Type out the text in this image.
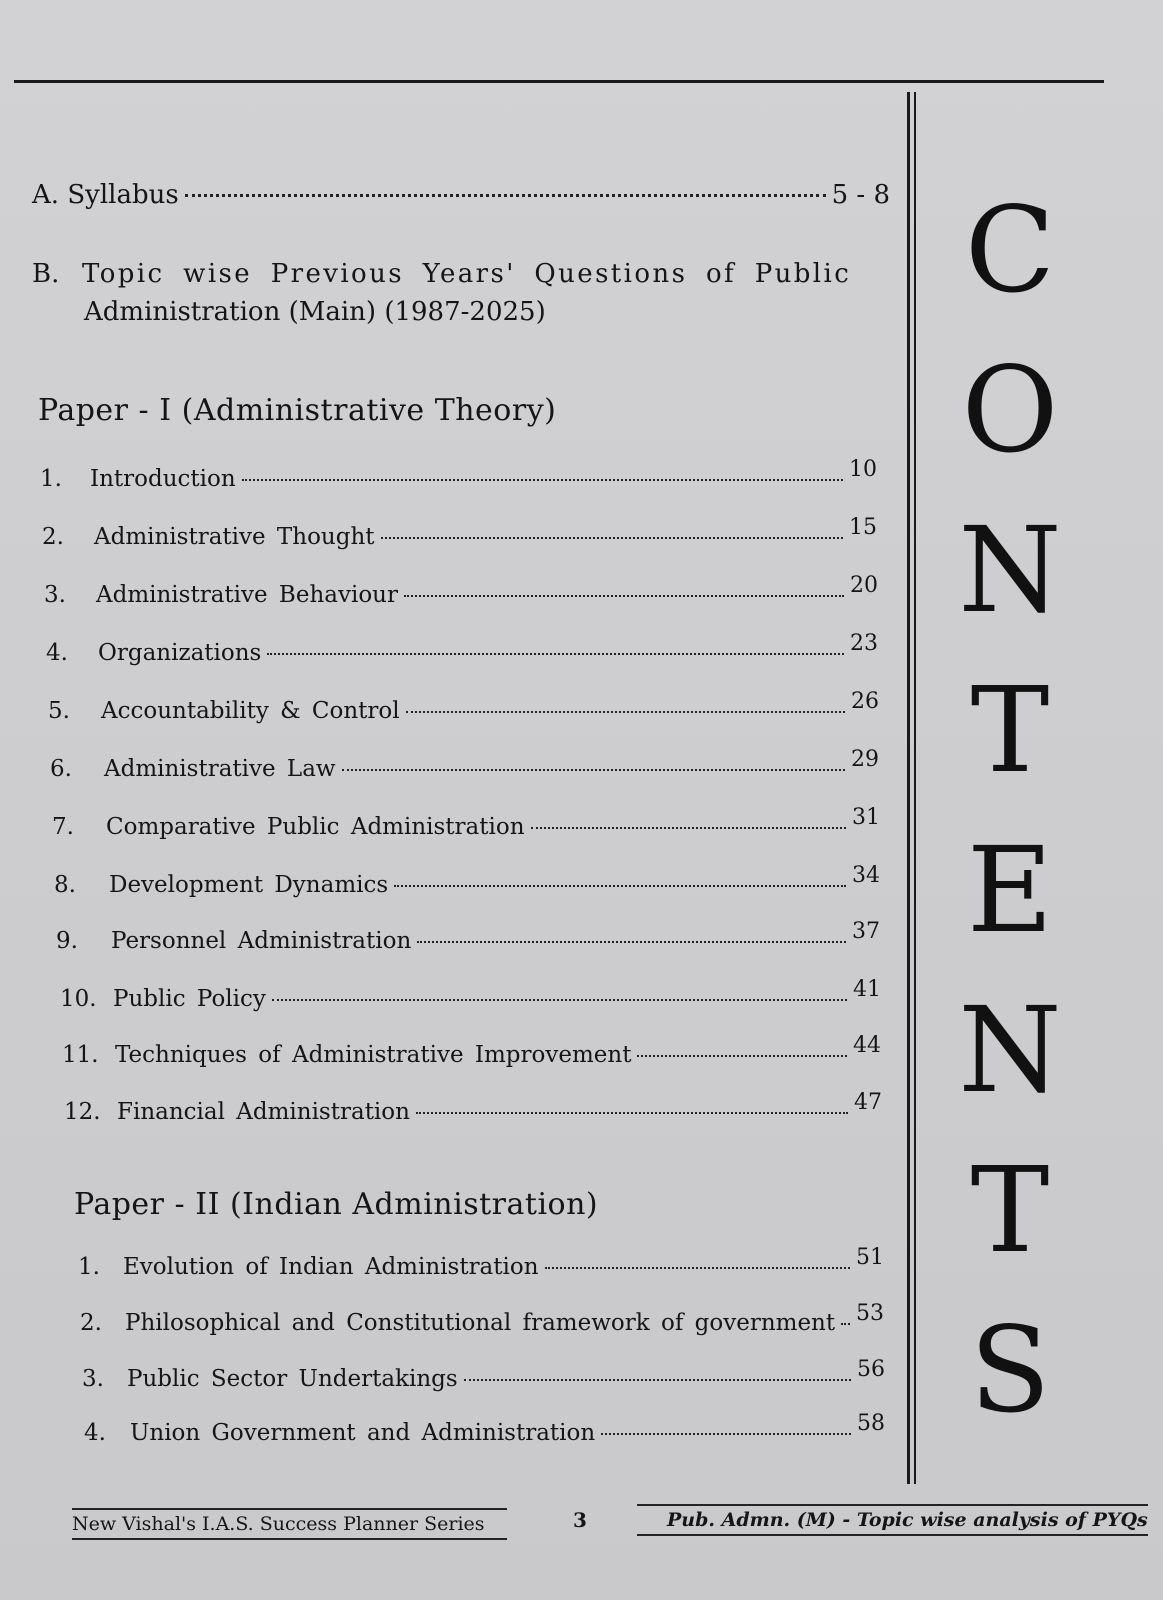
C
O
N
T
E
N
T
S
A. Syllabus	5 - 8
B. Topic wise Previous Years' Questions of Public
Administration (Main) (1987-2025)
Paper - I (Administrative Theory)
1.	Introduction	10
2.	Administrative Thought	15
3.	Administrative Behaviour	20
4.	Organizations	23
5.	Accountability & Control	26
6.	Administrative Law	29
7.	Comparative Public Administration	31
8.	Development Dynamics	34
9.	Personnel Administration	37
10. Public Policy	41
11. Techniques of Administrative Improvement	44
12. Financial Administration	47
Paper - II (Indian Administration)
1.	Evolution of Indian Administration	51
2.	Philosophical and Constitutional framework of government 53
3.	Public Sector Undertakings	56
4.	Union Government and Administration	58
New Vishal's I.A.S. Success Planner Series	3	Pub. Admn. (M) - Topic wise analysis of PYQs
